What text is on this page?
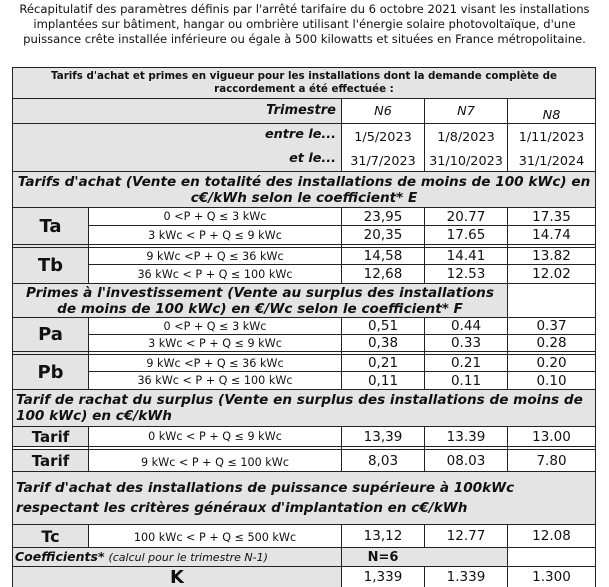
Récapitulatif des paramètres définis par l'arrêté tarifaire du 6 octobre 2021 visant les installations
implantées sur bâtiment, hangar ou ombrière utilisant l'énergie solaire photovoltaïque, d'une
puissance crête installée inférieure ou égale à 500 kilowatts et situées en France métropolitaine.
Tarifs d'achat et primes en vigueur pour les installations dont la demande complète de raccordement a été effectuée :
Trimestre	N6	N7	N8
entre le...	1/5/2023	1/8/2023	1/11/2023
et le...	31/7/2023	31/10/2023	31/1/2024
Tarifs d'achat (Vente en totalité des installations de moins de 100 kWc) en c€/kWh selon le coefficient* E
Ta	0 <P + Q ≤ 3 kWc	23,95	20.77	17.35
3 kWc < P + Q ≤ 9 kWc	20,35	17.65	14.74
Tb	9 kWc <P + Q ≤ 36 kWc	14,58	14.41	13.82
36 kWc < P + Q ≤ 100 kWc	12,68	12.53	12.02
Primes à l'investissement (Vente au surplus des installations de moins de 100 kWc) en €/Wc selon le coefficient* F
Pa	0 <P + Q ≤ 3 kWc	0,51	0.44	0.37
3 kWc < P + Q ≤ 9 kWc	0,38	0.33	0.28
Pb	9 kWc <P + Q ≤ 36 kWc	0,21	0.21	0.20
36 kWc < P + Q ≤ 100 kWc	0,11	0.11	0.10
Tarif de rachat du surplus (Vente en surplus des installations de moins de 100 kWc) en c€/kWh
Tarif	0 kWc < P + Q ≤ 9 kWc	13,39	13.39	13.00
Tarif	9 kWc < P + Q ≤ 100 kWc	8,03	08.03	7.80
Tarif d'achat des installations de puissance supérieure à 100kWc respectant les critères généraux d'implantation en c€/kWh
Tc	100 kWc < P + Q ≤ 500 kWc	13,12	12.77	12.08
Coefficients* (calcul pour le trimestre N-1)	N=6
K	1,339	1.339	1.300
